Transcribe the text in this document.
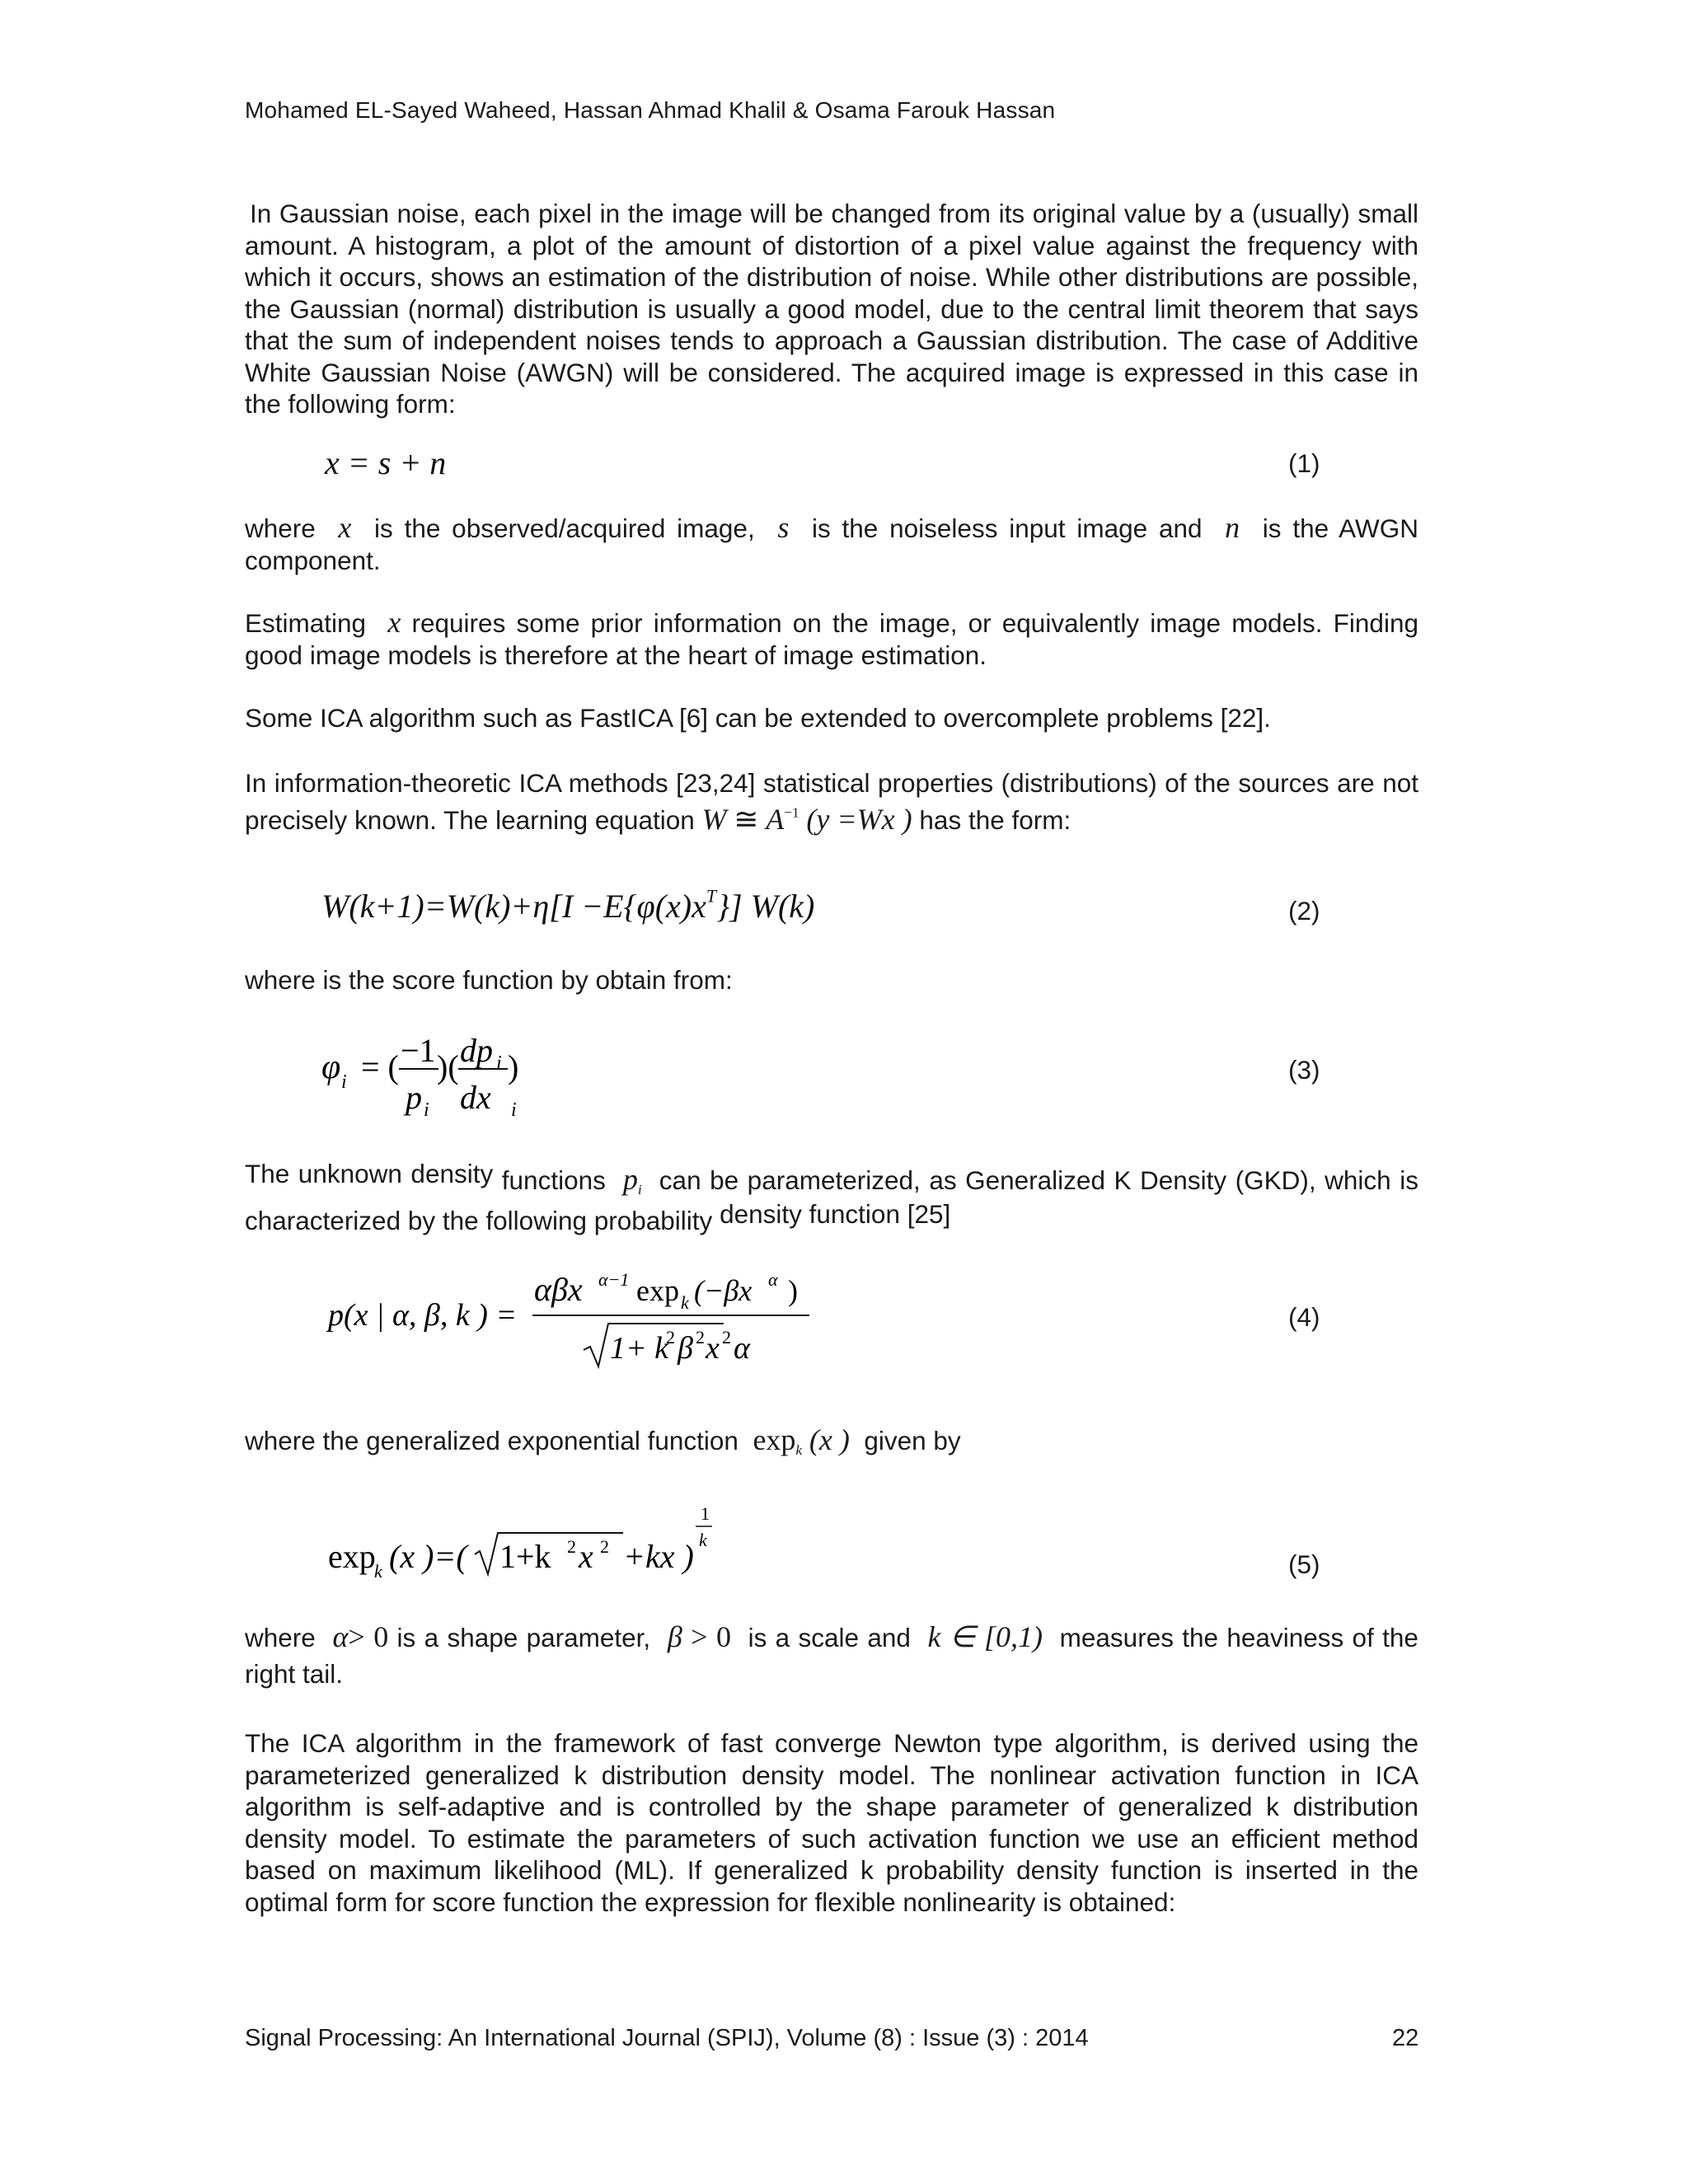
Mohamed EL-Sayed Waheed, Hassan Ahmad Khalil & Osama Farouk Hassan

In Gaussian noise, each pixel in the image will be changed from its original value by a (usually) small amount. A histogram, a plot of the amount of distortion of a pixel value against the frequency with which it occurs, shows an estimation of the distribution of noise. While other distributions are possible, the Gaussian (normal) distribution is usually a good model, due to the central limit theorem that says that the sum of independent noises tends to approach a Gaussian distribution. The case of Additive White Gaussian Noise (AWGN) will be considered. The acquired image is expressed in this case in the following form:

x = s + n	(1)

where x is the observed/acquired image, s is the noiseless input image and n is the AWGN component.

Estimating x requires some prior information on the image, or equivalently image models. Finding good image models is therefore at the heart of image estimation.

Some ICA algorithm such as FastICA [6] can be extended to overcomplete problems [22].

In information-theoretic ICA methods [23,24] statistical properties (distributions) of the sources are not precisely known. The learning equation W ≅ $A^{-1}$ (y =Wx ) has the form:

$W(k+1)=W(k)+\eta[I -E\{\varphi(x)x^T\}]$ W(k)	(2)

where is the score function by obtain from:

φ i = ( −1
p i
)( dp i
dx i
)	(3)

The unknown density functions $p_i$ can be parameterized, as Generalized K Density (GKD), which is characterized by the following probability density function [25]

p(x | α, β, k ) =
αβx α−1 exp k (−βx α )
1+ k
2 β 2 x 2 α
(4)

where the generalized exponential function $\exp_k (x$ ) given by

exp
k (x )=( 1+k 2 x 2 +kx )
1
k
(5)

where α> 0 is a shape parameter, β > 0 is a scale and k ∈ [0,1) measures the heaviness of the right tail.

The ICA algorithm in the framework of fast converge Newton type algorithm, is derived using the parameterized generalized k distribution density model. The nonlinear activation function in ICA algorithm is self-adaptive and is controlled by the shape parameter of generalized k distribution density model. To estimate the parameters of such activation function we use an efficient method based on maximum likelihood (ML). If generalized k probability density function is inserted in the optimal form for score function the expression for flexible nonlinearity is obtained:

Signal Processing: An International Journal (SPIJ), Volume (8) : Issue (3) : 2014	22
